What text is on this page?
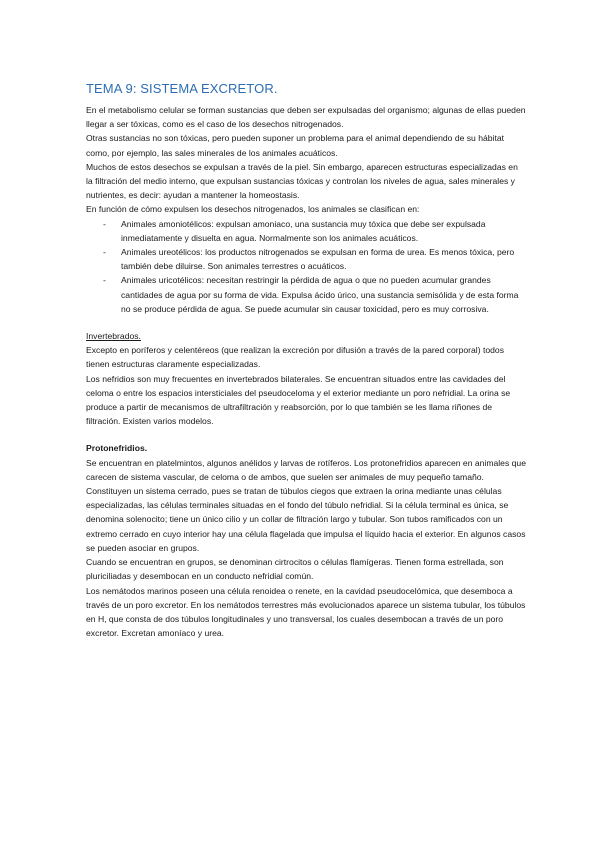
TEMA 9: SISTEMA EXCRETOR.

En el metabolismo celular se forman sustancias que deben ser expulsadas del organismo; algunas de ellas pueden llegar a ser tóxicas, como es el caso de los desechos nitrogenados.

Otras sustancias no son tóxicas, pero pueden suponer un problema para el animal dependiendo de su hábitat como, por ejemplo, las sales minerales de los animales acuáticos.

Muchos de estos desechos se expulsan a través de la piel. Sin embargo, aparecen estructuras especializadas en la filtración del medio interno, que expulsan sustancias tóxicas y controlan los niveles de agua, sales minerales y nutrientes, es decir: ayudan a mantener la homeostasis.

En función de cómo expulsen los desechos nitrogenados, los animales se clasifican en:

- Animales amoniotélicos: expulsan amoniaco, una sustancia muy tóxica que debe ser expulsada inmediatamente y disuelta en agua. Normalmente son los animales acuáticos.
- Animales ureotélicos: los productos nitrogenados se expulsan en forma de urea. Es menos tóxica, pero también debe diluirse. Son animales terrestres o acuáticos.
- Animales uricotélicos: necesitan restringir la pérdida de agua o que no pueden acumular grandes cantidades de agua por su forma de vida. Expulsa ácido úrico, una sustancia semisólida y de esta forma no se produce pérdida de agua. Se puede acumular sin causar toxicidad, pero es muy corrosiva.

Invertebrados.

Excepto en poríferos y celentéreos (que realizan la excreción por difusión a través de la pared corporal) todos tienen estructuras claramente especializadas.

Los nefridios son muy frecuentes en invertebrados bilaterales. Se encuentran situados entre las cavidades del celoma o entre los espacios intersticiales del pseudoceloma y el exterior mediante un poro nefridial. La orina se produce a partir de mecanismos de ultrafiltración y reabsorción, por lo que también se les llama riñones de filtración. Existen varios modelos.

Protonefridios.

Se encuentran en platelmintos, algunos anélidos y larvas de rotíferos. Los protonefridios aparecen en animales que carecen de sistema vascular, de celoma o de ambos, que suelen ser animales de muy pequeño tamaño. Constituyen un sistema cerrado, pues se tratan de túbulos ciegos que extraen la orina mediante unas células especializadas, las células terminales situadas en el fondo del túbulo nefridial. Si la célula terminal es única, se denomina solenocito; tiene un único cilio y un collar de filtración largo y tubular. Son tubos ramificados con un extremo cerrado en cuyo interior hay una célula flagelada que impulsa el líquido hacia el exterior. En algunos casos se pueden asociar en grupos.

Cuando se encuentran en grupos, se denominan cirtrocitos o células flamígeras. Tienen forma estrellada, son pluriciliadas y desembocan en un conducto nefridial común.

Los nemátodos marinos poseen una célula renoidea o renete, en la cavidad pseudocelómica, que desemboca a través de un poro excretor. En los nemátodos terrestres más evolucionados aparece un sistema tubular, los túbulos en H, que consta de dos túbulos longitudinales y uno transversal, los cuales desembocan a través de un poro excretor. Excretan amoníaco y urea.
